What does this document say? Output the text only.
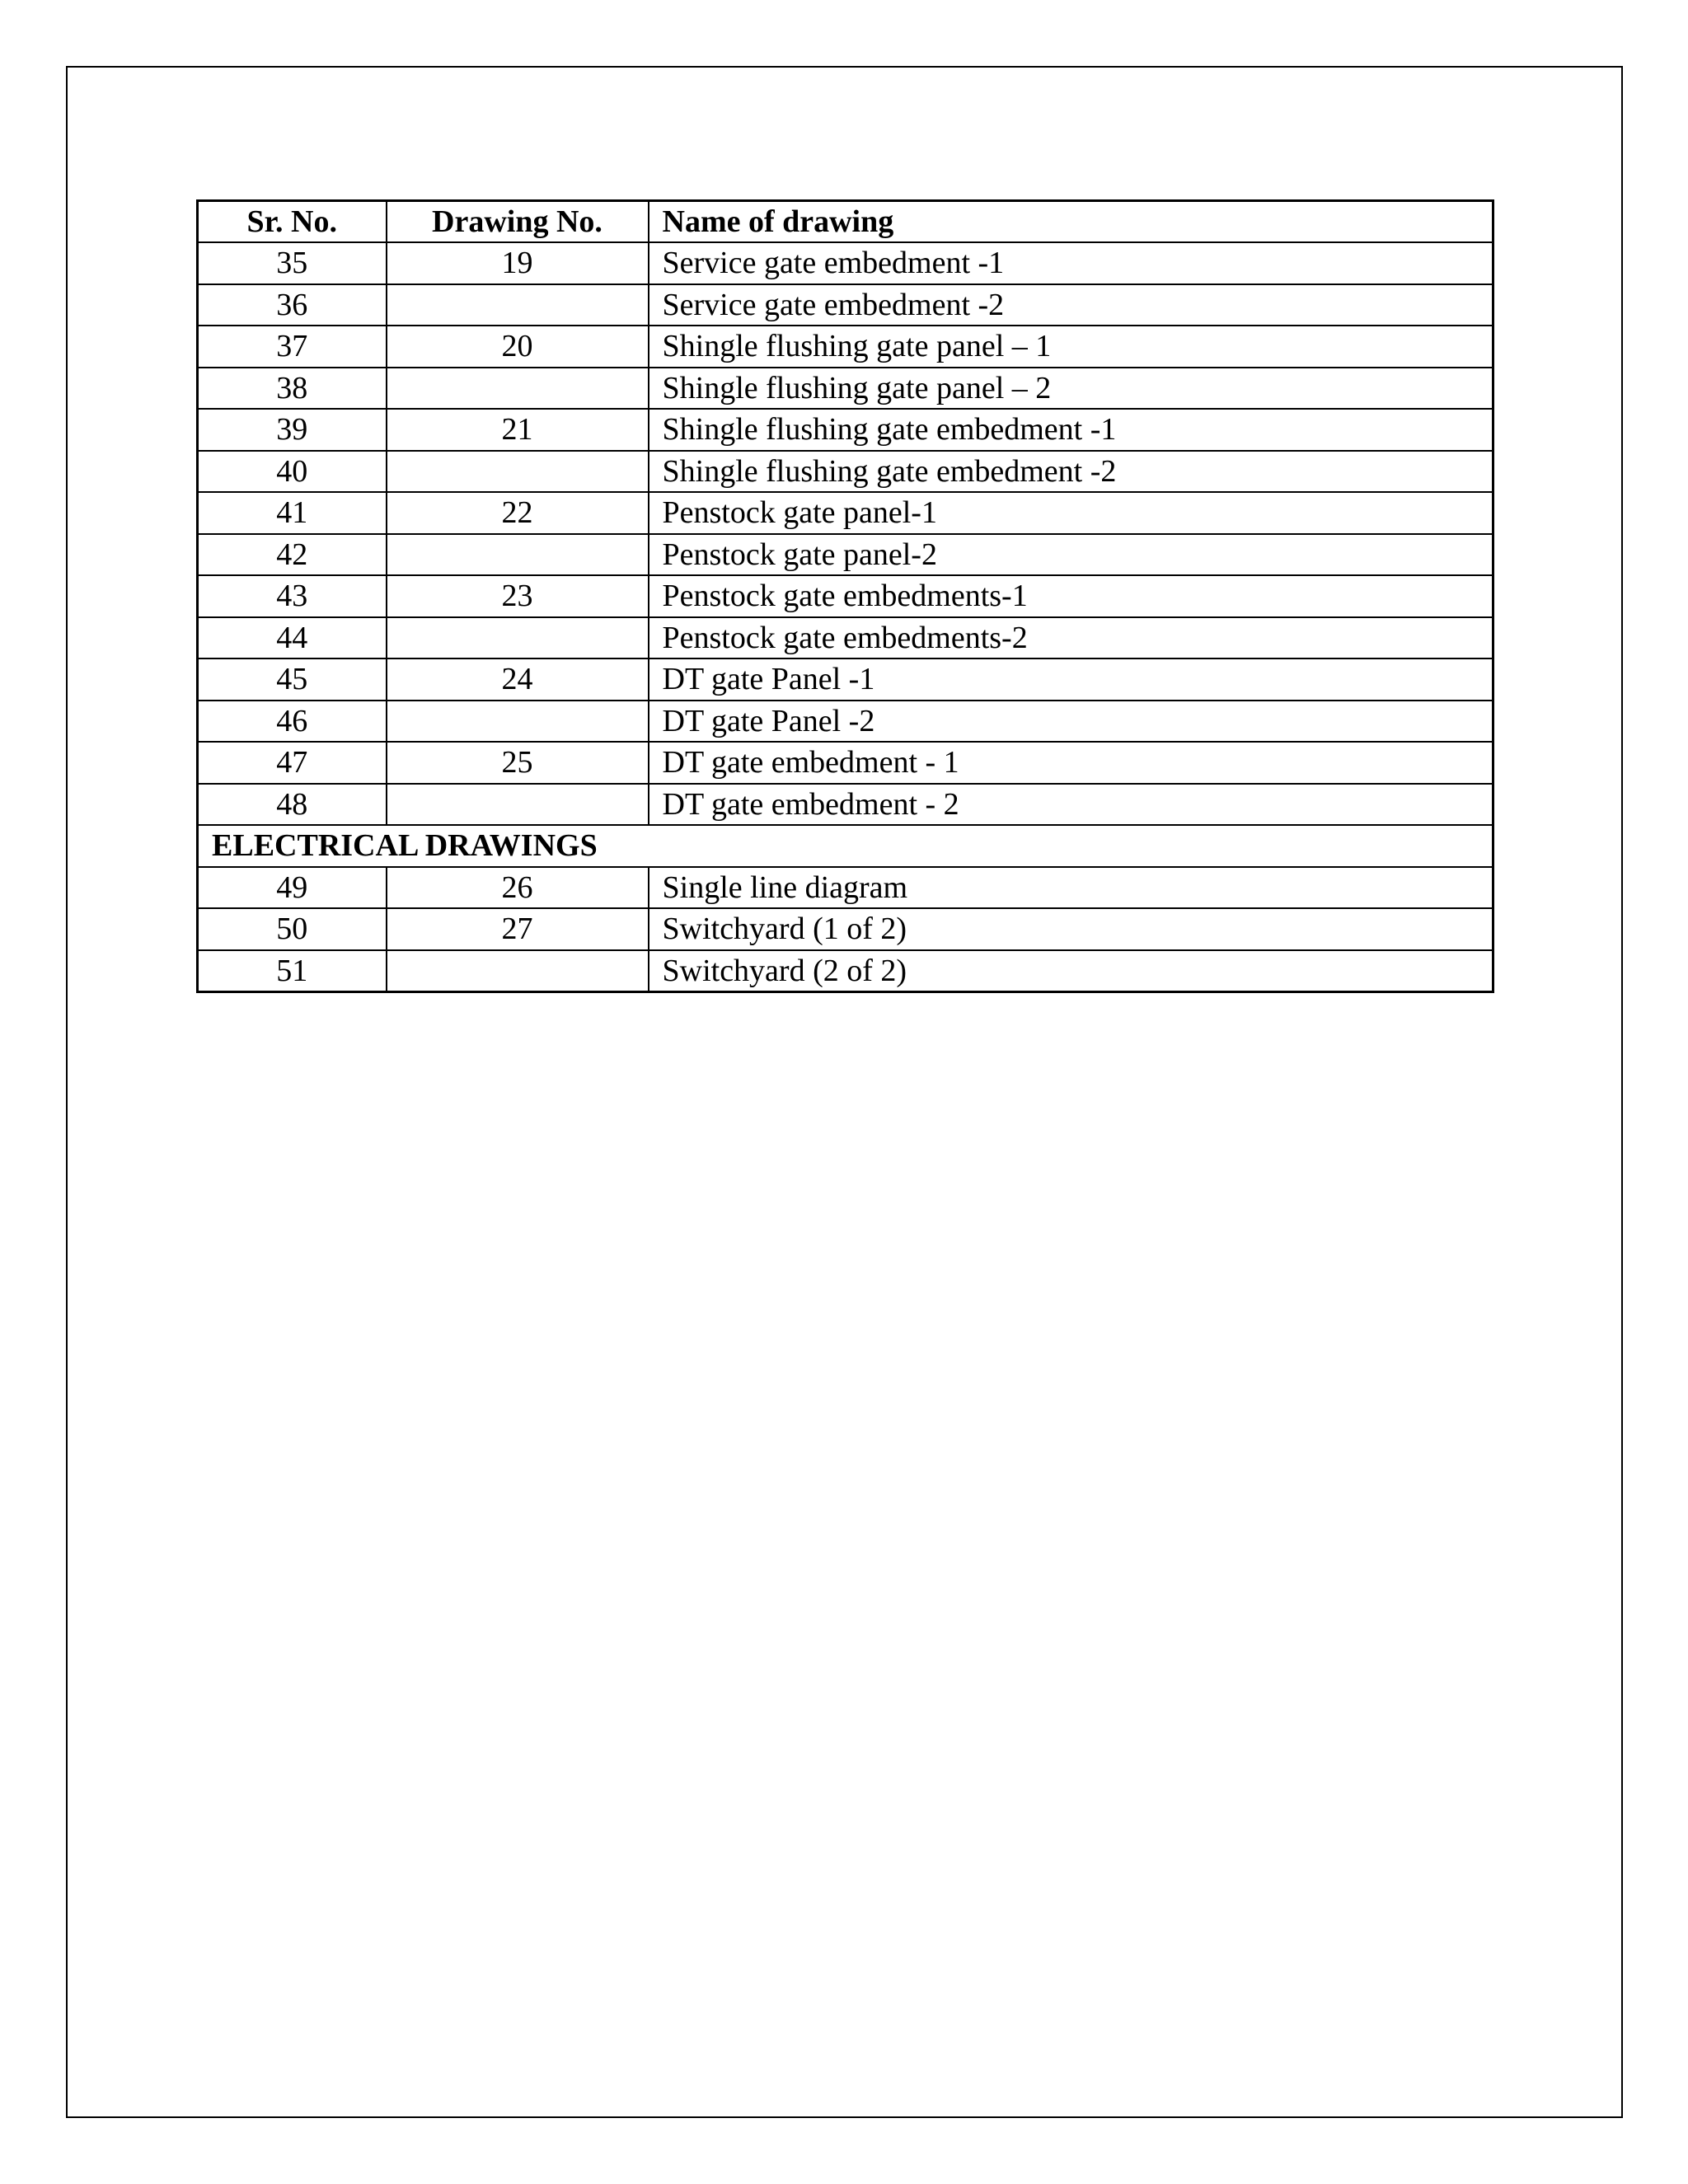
Sr. No.	Drawing No.	Name of drawing
35	19	Service gate embedment -1
36		Service gate embedment -2
37	20	Shingle flushing gate panel – 1
38		Shingle flushing gate panel – 2
39	21	Shingle flushing gate embedment -1
40		Shingle flushing gate embedment -2
41	22	Penstock gate panel-1
42		Penstock gate panel-2
43	23	Penstock gate embedments-1
44		Penstock gate embedments-2
45	24	DT gate Panel -1
46		DT gate Panel -2
47	25	DT gate embedment - 1
48		DT gate embedment - 2
ELECTRICAL DRAWINGS		
49	26	Single line diagram
50	27	Switchyard (1 of 2)
51		Switchyard (2 of 2)
